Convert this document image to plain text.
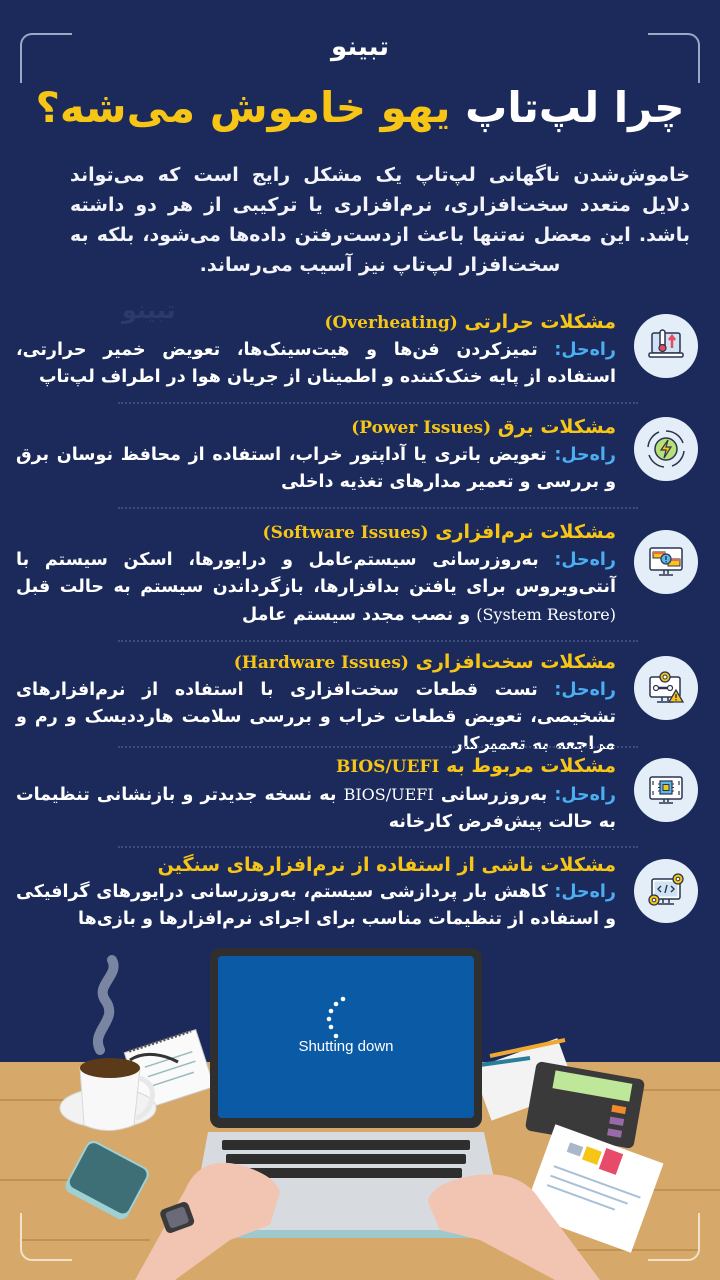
تبینو
چرا لپ‌تاپ یهو خاموش می‌شه؟

خاموش‌شدن ناگهانی لپ‌تاپ یک مشکل رایج است که می‌تواند دلایل متعدد سخت‌افزاری، نرم‌افزاری یا ترکیبی از هر دو داشته باشد. این معضل نه‌تنها باعث ازدست‌رفتن داده‌ها می‌شود، بلکه به سخت‌افزار لپ‌تاپ نیز آسیب می‌رساند.

تبینو	مشکلات حرارتی (Overheating)
راه‌حل: تمیزکردن فن‌ها و هیت‌سینک‌ها، تعویض خمیر حرارتی، استفاده از پایه خنک‌کننده و اطمینان از جریان هوا در اطراف لپ‌تاپ
مشکلات برق (Power Issues)
راه‌حل: تعویض باتری یا آداپتور خراب، استفاده از محافظ نوسان برق و بررسی و تعمیر مدارهای تغذیه داخلی
مشکلات نرم‌افزاری (Software Issues)
راه‌حل: به‌روزرسانی سیستم‌عامل و درایورها، اسکن سیستم با آنتی‌ویروس برای یافتن بدافزارها، بازگرداندن سیستم به حالت قبل (System Restore) و نصب مجدد سیستم عامل
مشکلات سخت‌افزاری (Hardware Issues)
راه‌حل: تست قطعات سخت‌افزاری با استفاده از نرم‌افزارهای تشخیصی، تعویض قطعات خراب و بررسی سلامت هارددیسک و رم و مراجعه به تعمیرکار
مشکلات مربوط به BIOS/UEFI
راه‌حل: به‌روزرسانی BIOS/UEFI به نسخه جدیدتر و بازنشانی تنظیمات به حالت پیش‌فرض کارخانه
مشکلات ناشی از استفاده از نرم‌افزارهای سنگین
راه‌حل: کاهش بار پردازشی سیستم، به‌روزرسانی درایورهای گرافیکی و استفاده از تنظیمات مناسب برای اجرای نرم‌افزارها و بازی‌ها
Shutting down
